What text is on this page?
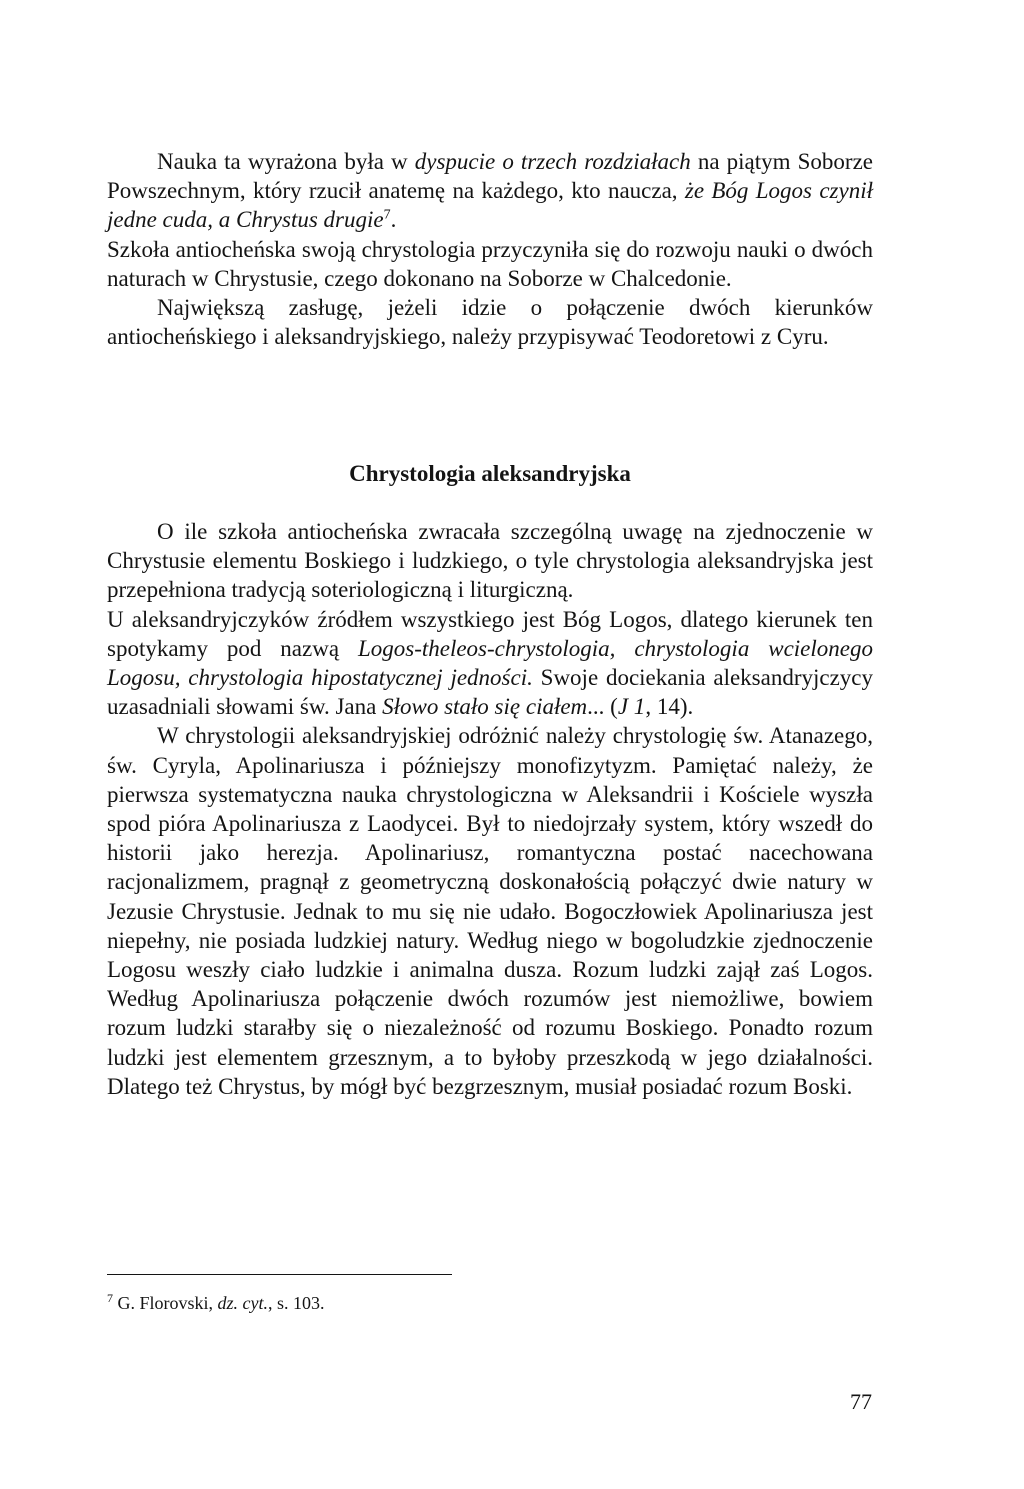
Nauka ta wyrażona była w dyspucie o trzech rozdziałach na piątym Soborze Powszechnym, który rzucił anatemę na każdego, kto naucza, że Bóg Logos czynił jedne cuda, a Chrystus drugie$^7$.

Szkoła antiocheńska swoją chrystologia przyczyniła się do rozwoju nauki o dwóch naturach w Chrystusie, czego dokonano na Soborze w Chalcedonie.

Największą zasługę, jeżeli idzie o połączenie dwóch kierunków antiocheńskiego i aleksandryjskiego, należy przypisywać Teodoretowi z Cyru.

Chrystologia aleksandryjska

O ile szkoła antiocheńska zwracała szczególną uwagę na zjednoczenie w Chrystusie elementu Boskiego i ludzkiego, o tyle chrystologia aleksandryjska jest przepełniona tradycją soteriologiczną i liturgiczną.

U aleksandryjczyków źródłem wszystkiego jest Bóg Logos, dlatego kierunek ten spotykamy pod nazwą Logos-theleos-chrystologia, chrystologia wcielonego Logosu, chrystologia hipostatycznej jedności. Swoje dociekania aleksandryjczycy uzasadniali słowami św. Jana Słowo stało się ciałem... (J 1, 14).

W chrystologii aleksandryjskiej odróżnić należy chrystologię św. Atanazego, św. Cyryla, Apolinariusza i późniejszy monofizytyzm. Pamiętać należy, że pierwsza systematyczna nauka chrystologiczna w Aleksandrii i Kościele wyszła spod pióra Apolinariusza z Laodycei. Był to niedojrzały system, który wszedł do historii jako herezja. Apolinariusz, romantyczna postać nacechowana racjonalizmem, pragnął z geometryczną doskonałością połączyć dwie natury w Jezusie Chrystusie. Jednak to mu się nie udało. Bogoczłowiek Apolinariusza jest niepełny, nie posiada ludzkiej natury. Według niego w bogoludzkie zjednoczenie Logosu weszły ciało ludzkie i animalna dusza. Rozum ludzki zajął zaś Logos. Według Apolinariusza połączenie dwóch rozumów jest niemożliwe, bowiem rozum ludzki starałby się o niezależność od rozumu Boskiego. Ponadto rozum ludzki jest elementem grzesznym, a to byłoby przeszkodą w jego działalności. Dlatego też Chrystus, by mógł być bezgrzesznym, musiał posiadać rozum Boski.

$^7$ G. Florovski, dz. cyt., s. 103.

77
